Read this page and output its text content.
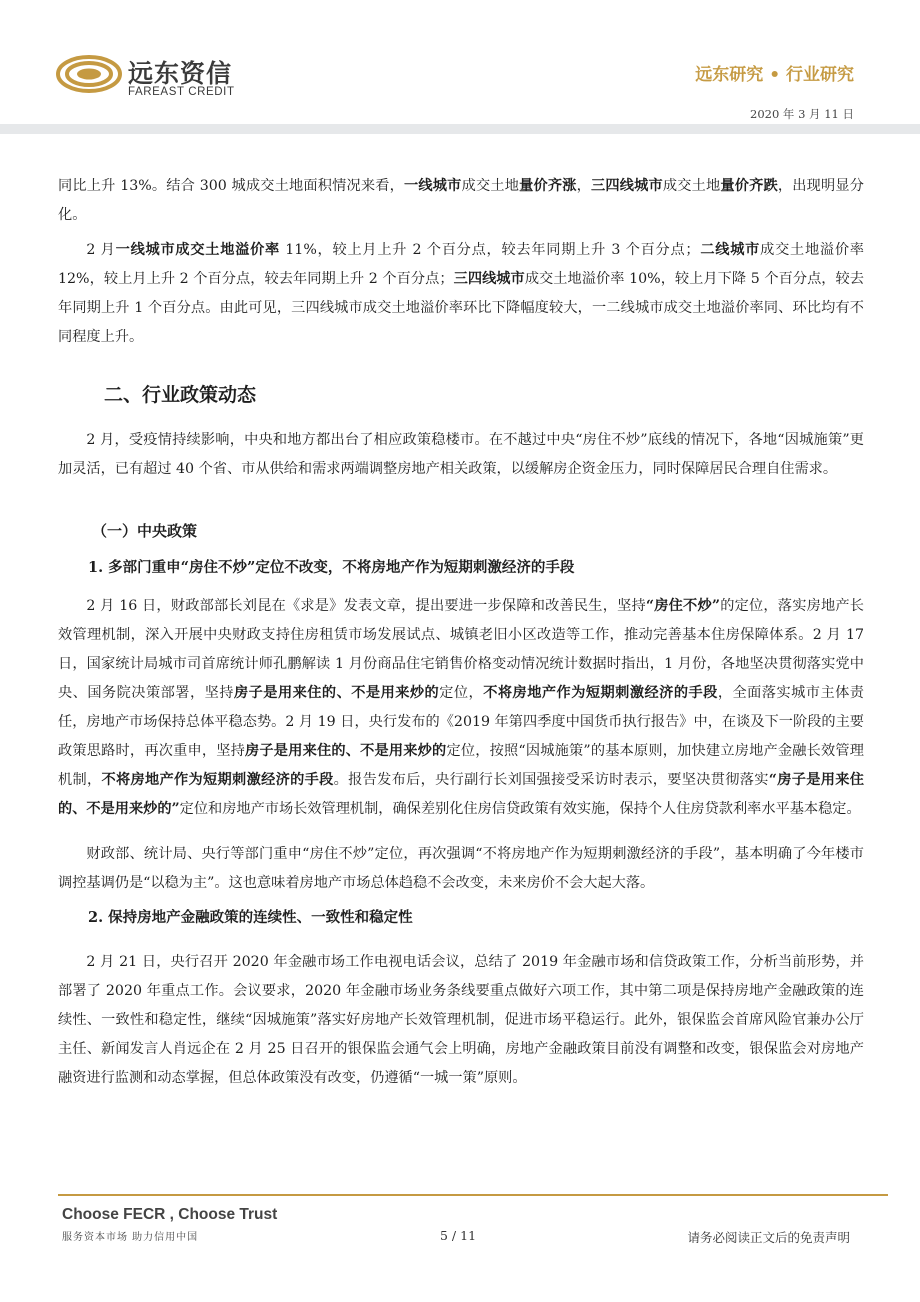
远东资信
FAREAST CREDIT
远东研究 • 行业研究
2020 年 3 月 11 日

同比上升 13%。结合 300 城成交土地面积情况来看，一线城市成交土地量价齐涨，三四线城市成交土地量价齐跌，出现明显分化。

2 月一线城市成交土地溢价率 11%，较上月上升 2 个百分点，较去年同期上升 3 个百分点；二线城市成交土地溢价率 12%，较上月上升 2 个百分点，较去年同期上升 2 个百分点；三四线城市成交土地溢价率 10%，较上月下降 5 个百分点，较去年同期上升 1 个百分点。由此可见，三四线城市成交土地溢价率环比下降幅度较大，一二线城市成交土地溢价率同、环比均有不同程度上升。

二、行业政策动态

2 月，受疫情持续影响，中央和地方都出台了相应政策稳楼市。在不越过中央“房住不炒”底线的情况下，各地“因城施策”更加灵活，已有超过 40 个省、市从供给和需求两端调整房地产相关政策，以缓解房企资金压力，同时保障居民合理自住需求。

（一）中央政策
1. 多部门重申“房住不炒”定位不改变，不将房地产作为短期刺激经济的手段

2 月 16 日，财政部部长刘昆在《求是》发表文章，提出要进一步保障和改善民生，坚持“房住不炒”的定位，落实房地产长效管理机制，深入开展中央财政支持住房租赁市场发展试点、城镇老旧小区改造等工作，推动完善基本住房保障体系。2 月 17 日，国家统计局城市司首席统计师孔鹏解读 1 月份商品住宅销售价格变动情况统计数据时指出，1 月份，各地坚决贯彻落实党中央、国务院决策部署，坚持房子是用来住的、不是用来炒的定位，不将房地产作为短期刺激经济的手段，全面落实城市主体责任，房地产市场保持总体平稳态势。2 月 19 日，央行发布的《2019 年第四季度中国货币执行报告》中，在谈及下一阶段的主要政策思路时，再次重申，坚持房子是用来住的、不是用来炒的定位，按照“因城施策”的基本原则，加快建立房地产金融长效管理机制，不将房地产作为短期刺激经济的手段。报告发布后，央行副行长刘国强接受采访时表示，要坚决贯彻落实“房子是用来住的、不是用来炒的”定位和房地产市场长效管理机制，确保差别化住房信贷政策有效实施，保持个人住房贷款利率水平基本稳定。

财政部、统计局、央行等部门重申“房住不炒”定位，再次强调“不将房地产作为短期刺激经济的手段”，基本明确了今年楼市调控基调仍是“以稳为主”。这也意味着房地产市场总体趋稳不会改变，未来房价不会大起大落。

2. 保持房地产金融政策的连续性、一致性和稳定性

2 月 21 日，央行召开 2020 年金融市场工作电视电话会议，总结了 2019 年金融市场和信贷政策工作，分析当前形势，并部署了 2020 年重点工作。会议要求，2020 年金融市场业务条线要重点做好六项工作，其中第二项是保持房地产金融政策的连续性、一致性和稳定性，继续“因城施策”落实好房地产长效管理机制，促进市场平稳运行。此外，银保监会首席风险官兼办公厅主任、新闻发言人肖远企在 2 月 25 日召开的银保监会通气会上明确，房地产金融政策目前没有调整和改变，银保监会对房地产融资进行监测和动态掌握，但总体政策没有改变，仍遵循“一城一策”原则。

Choose FECR , Choose Trust
服务资本市场 助力信用中国	5 / 11	请务必阅读正文后的免责声明
